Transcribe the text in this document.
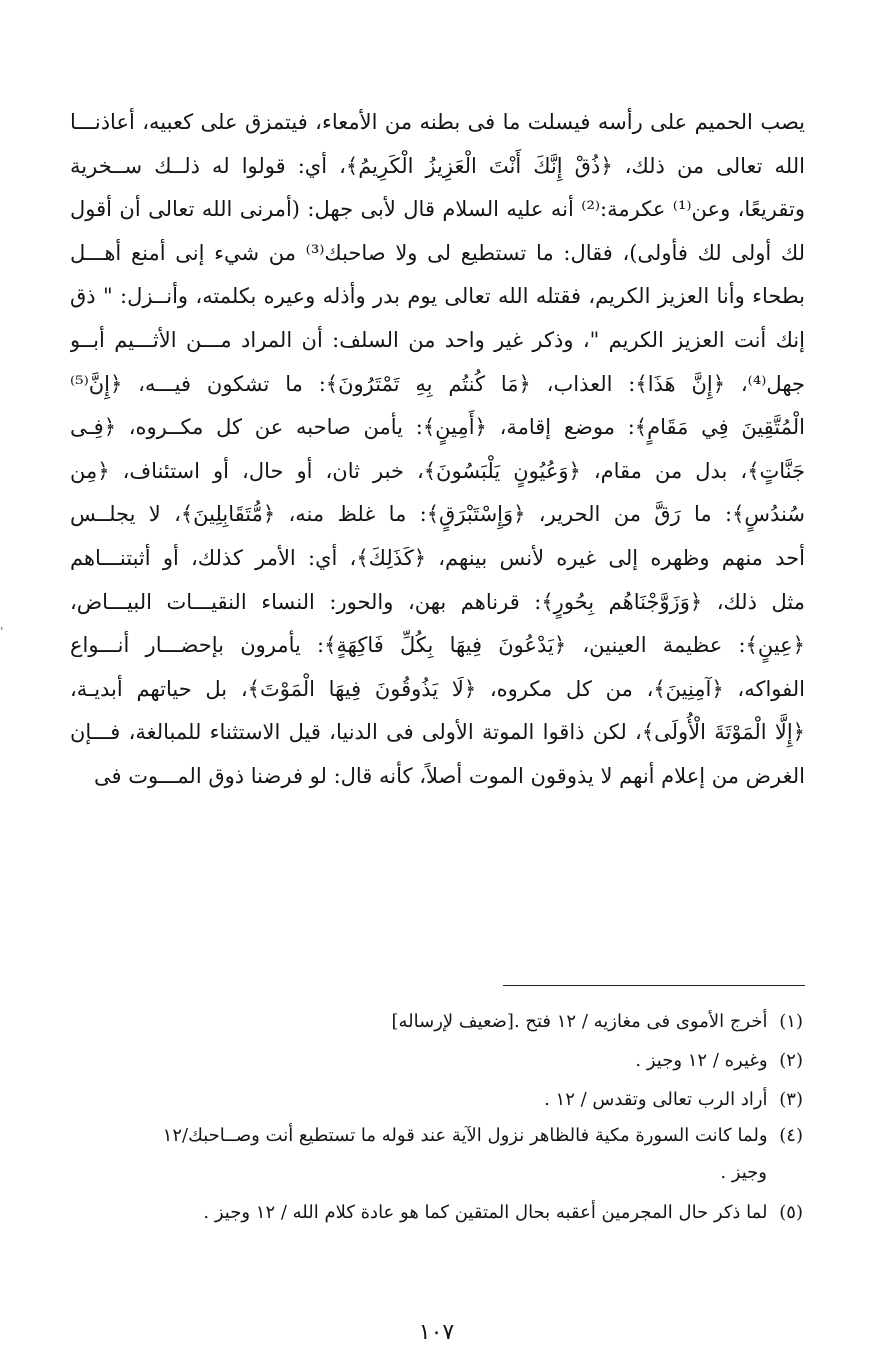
يصب الحميم على رأسه فيسلت ما فى بطنه من الأمعاء، فيتمزق على كعبيه، أعاذنـــا
الله تعالى من ذلك، ﴿ذُقْ إِنَّكَ أَنْتَ الْعَزِيزُ الْكَرِيمُ﴾، أي: قولوا له ذلــك ســخرية
وتقريعًا، وعن⁽¹⁾ عكرمة:⁽²⁾ أنه عليه السلام قال لأبى جهل: (أمرنى الله تعالى أن أقول
لك أولى لك فأولى)، فقال: ما تستطيع لى ولا صاحبك⁽³⁾ من شيء إنى أمنع أهـــل
بطحاء وأنا العزيز الكريم، فقتله الله تعالى يوم بدر وأذله وعيره بكلمته، وأنــزل: " ذق
إنك أنت العزيز الكريم "، وذكر غير واحد من السلف: أن المراد مـــن الأثـــيم أبــو
جهل⁽⁴⁾، ﴿إِنَّ هَذَا﴾: العذاب، ﴿مَا كُنتُم بِهِ تَمْتَرُونَ﴾: ما تشكون فيـــه، ﴿إِنَّ⁽⁵⁾
الْمُتَّقِينَ فِي مَقَامٍ﴾: موضع إقامة، ﴿أَمِينٍ﴾: يأمن صاحبه عن كل مكــروه، ﴿فِـى
جَنَّاتٍ﴾، بدل من مقام، ﴿وَعُيُونٍ يَلْبَسُونَ﴾، خبر ثان، أو حال، أو استئناف، ﴿مِن
سُندُسٍ﴾: ما رَقَّ من الحرير، ﴿وَإِسْتَبْرَقٍ﴾: ما غلظ منه، ﴿مُّتَقَابِلِينَ﴾، لا يجلــس
أحد منهم وظهره إلى غيره لأنس بينهم، ﴿كَذَلِكَ﴾، أي: الأمر كذلك، أو أثبتنـــاهم
مثل ذلك، ﴿وَزَوَّجْنَاهُم بِحُورٍ﴾: قرناهم بهن، والحور: النساء النقيـــات البيـــاض،
﴿عِينٍ﴾: عظيمة العينين، ﴿يَدْعُونَ فِيهَا بِكُلِّ فَاكِهَةٍ﴾: يأمرون بإحضـــار أنـــواع
الفواكه، ﴿آمِنِينَ﴾، من كل مكروه، ﴿لَا يَذُوقُونَ فِيهَا الْمَوْتَ﴾، بل حياتهم أبديـة،
﴿إِلَّا الْمَوْتَةَ الْأُولَى﴾، لكن ذاقوا الموتة الأولى فى الدنيا، قيل الاستثناء للمبالغة، فـــإن
الغرض من إعلام أنهم لا يذوقون الموت أصلاً، كأنه قال: لو فرضنا ذوق المـــوت فى
(١) أخرج الأموى فى مغازيه / ١٢ فتح .[ضعيف لإرساله]
(٢) وغيره / ١٢ وجيز .
(٣) أراد الرب تعالى وتقدس / ١٢ .
(٤) ولما كانت السورة مكية فالظاهر نزول الآية عند قوله ما تستطيع أنت وصــاحبك/١٢
وجيز .
(٥) لما ذكر حال المجرمين أعقبه بحال المتقين كما هو عادة كلام الله / ١٢ وجيز .

١٠٧

ˈ
